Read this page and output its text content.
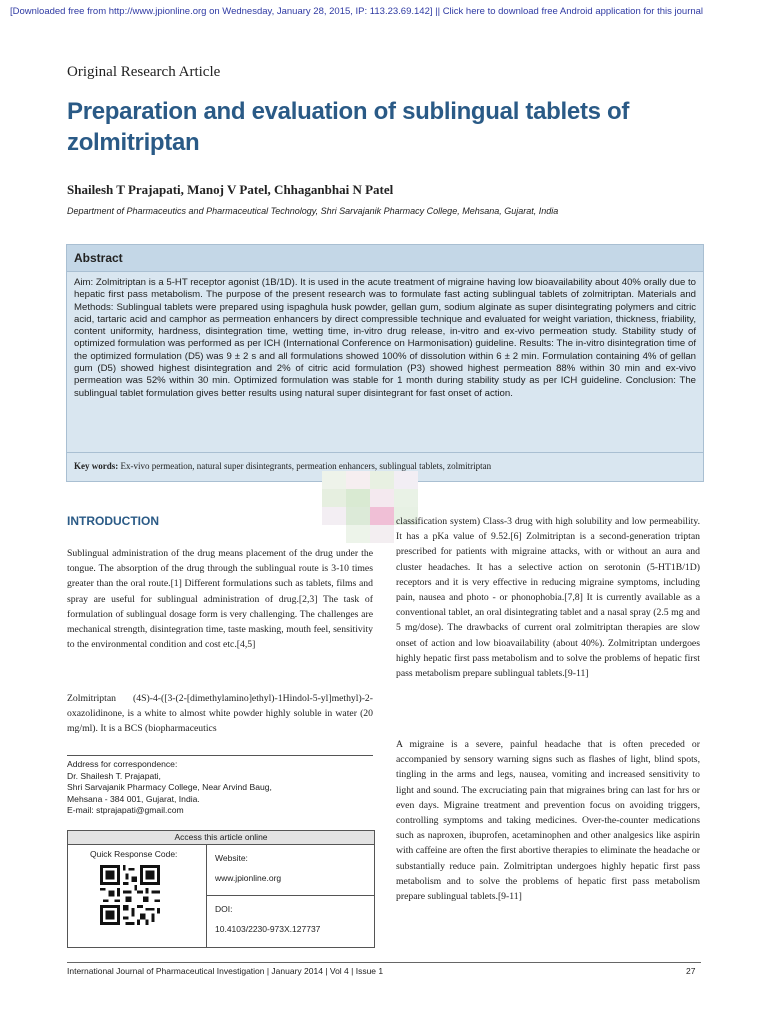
[Downloaded free from http://www.jpionline.org on Wednesday, January 28, 2015, IP: 113.23.69.142] || Click here to download free Android application for this journal
Original Research Article
Preparation and evaluation of sublingual tablets of zolmitriptan
Shailesh T Prajapati, Manoj V Patel, Chhaganbhai N Patel
Department of Pharmaceutics and Pharmaceutical Technology, Shri Sarvajanik Pharmacy College, Mehsana, Gujarat, India
Abstract
Aim: Zolmitriptan is a 5-HT receptor agonist (1B/1D). It is used in the acute treatment of migraine having low bioavailability about 40% orally due to hepatic first pass metabolism. The purpose of the present research was to formulate fast acting sublingual tablets of zolmitriptan. Materials and Methods: Sublingual tablets were prepared using ispaghula husk powder, gellan gum, sodium alginate as super disintegrating polymers and citric acid, tartaric acid and camphor as permeation enhancers by direct compressible technique and evaluated for weight variation, thickness, friability, content uniformity, hardness, disintegration time, wetting time, in-vitro drug release, in-vitro and ex-vivo permeation study. Stability study of optimized formulation was performed as per ICH (International Conference on Harmonisation) guideline. Results: The in-vitro disintegration time of the optimized formulation (D5) was 9 ± 2 s and all formulations showed 100% of dissolution within 6 ± 2 min. Formulation containing 4% of gellan gum (D5) showed highest disintegration and 2% of citric acid formulation (P3) showed highest permeation 88% within 30 min and ex-vivo permeation was 52% within 30 min. Optimized formulation was stable for 1 month during stability study as per ICH guideline. Conclusion: The sublingual tablet formulation gives better results using natural super disintegrant for fast onset of action.
Key words: Ex-vivo permeation, natural super disintegrants, permeation enhancers, sublingual tablets, zolmitriptan
INTRODUCTION
Sublingual administration of the drug means placement of the drug under the tongue. The absorption of the drug through the sublingual route is 3-10 times greater than the oral route.[1] Different formulations such as tablets, films and spray are useful for sublingual administration of drug.[2,3] The task of formulation of sublingual dosage form is very challenging. The challenges are mechanical strength, disintegration time, taste masking, mouth feel, sensitivity to the environmental condition and cost etc.[4,5]
Zolmitriptan (4S)-4-([3-(2-[dimethylamino]ethyl)-1Hindol-5-yl]methyl)-2-oxazolidinone, is a white to almost white powder highly soluble in water (20 mg/ml). It is a BCS (biopharmaceutics
classification system) Class-3 drug with high solubility and low permeability. It has a pKa value of 9.52.[6] Zolmitriptan is a second-generation triptan prescribed for patients with migraine attacks, with or without an aura and cluster headaches. It has a selective action on serotonin (5-HT1B/1D) receptors and it is very effective in reducing migraine symptoms, including pain, nausea and photo - or phonophobia.[7,8] It is currently available as a conventional tablet, an oral disintegrating tablet and a nasal spray (2.5 mg and 5 mg/dose). The drawbacks of current oral zolmitriptan therapies are slow onset of action and low bioavailability (about 40%). Zolmitriptan undergoes highly hepatic first pass metabolism and to solve the problems of hepatic first pass metabolism prepare sublingual tablets.[9-11]
A migraine is a severe, painful headache that is often preceded or accompanied by sensory warning signs such as flashes of light, blind spots, tingling in the arms and legs, nausea, vomiting and increased sensitivity to light and sound. The excruciating pain that migraines bring can last for hrs or even days. Migraine treatment and prevention focus on avoiding triggers, controlling symptoms and taking medicines. Over-the-counter medications such as naproxen, ibuprofen, acetaminophen and other analgesics like aspirin with caffeine are often the first abortive therapies to eliminate the headache or substantially reduce pain. Zolmitriptan undergoes highly hepatic first pass metabolism and to solve the problems of hepatic first pass metabolism prepare sublingual tablets.[9-11]
Address for correspondence:
Dr. Shailesh T. Prajapati,
Shri Sarvajanik Pharmacy College, Near Arvind Baug,
Mehsana - 384 001, Gujarat, India.
E-mail: stprajapati@gmail.com
Access this article online
Quick Response Code:	Website:
www.jpionline.org
DOI:
10.4103/2230-973X.127737
International Journal of Pharmaceutical Investigation | January 2014 | Vol 4 | Issue 1	27
